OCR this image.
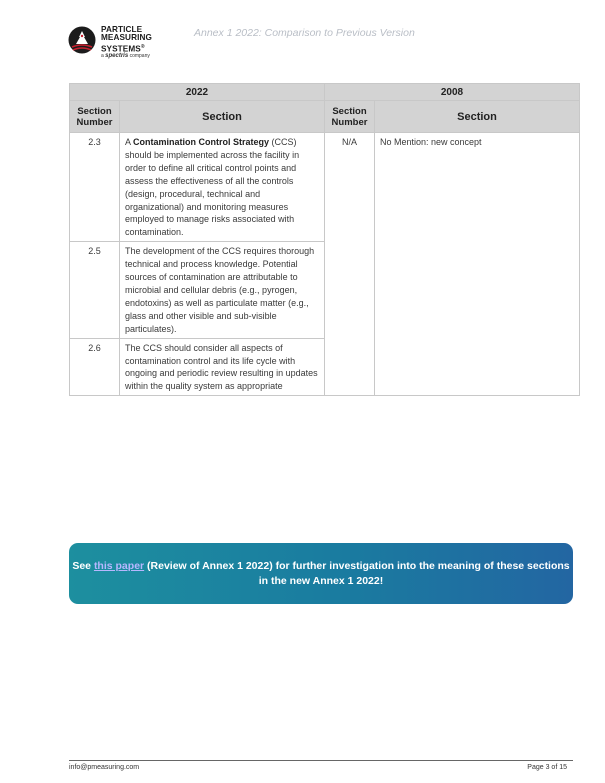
PARTICLE
MEASURING
SYSTEMS®
a spectris company
Annex 1 2022: Comparison to Previous Version
2022		2008	
Section Number	Section	Section Number	Section
2.3	A Contamination Control Strategy (CCS) should be implemented across the facility in order to define all critical control points and assess the effectiveness of all the controls (design, procedural, technical and organizational) and monitoring measures employed to manage risks associated with contamination.	N/A	No Mention: new concept
2.5	The development of the CCS requires thorough technical and process knowledge. Potential sources of contamination are attributable to microbial and cellular debris (e.g., pyrogen, endotoxins) as well as particulate matter (e.g., glass and other visible and sub-visible particulates).		
2.6	The CCS should consider all aspects of contamination control and its life cycle with ongoing and periodic review resulting in updates within the quality system as appropriate		
See this paper (Review of Annex 1 2022) for further investigation into the meaning of these sections in the new Annex 1 2022!
info@pmeasuring.com	Page 3 of 15
